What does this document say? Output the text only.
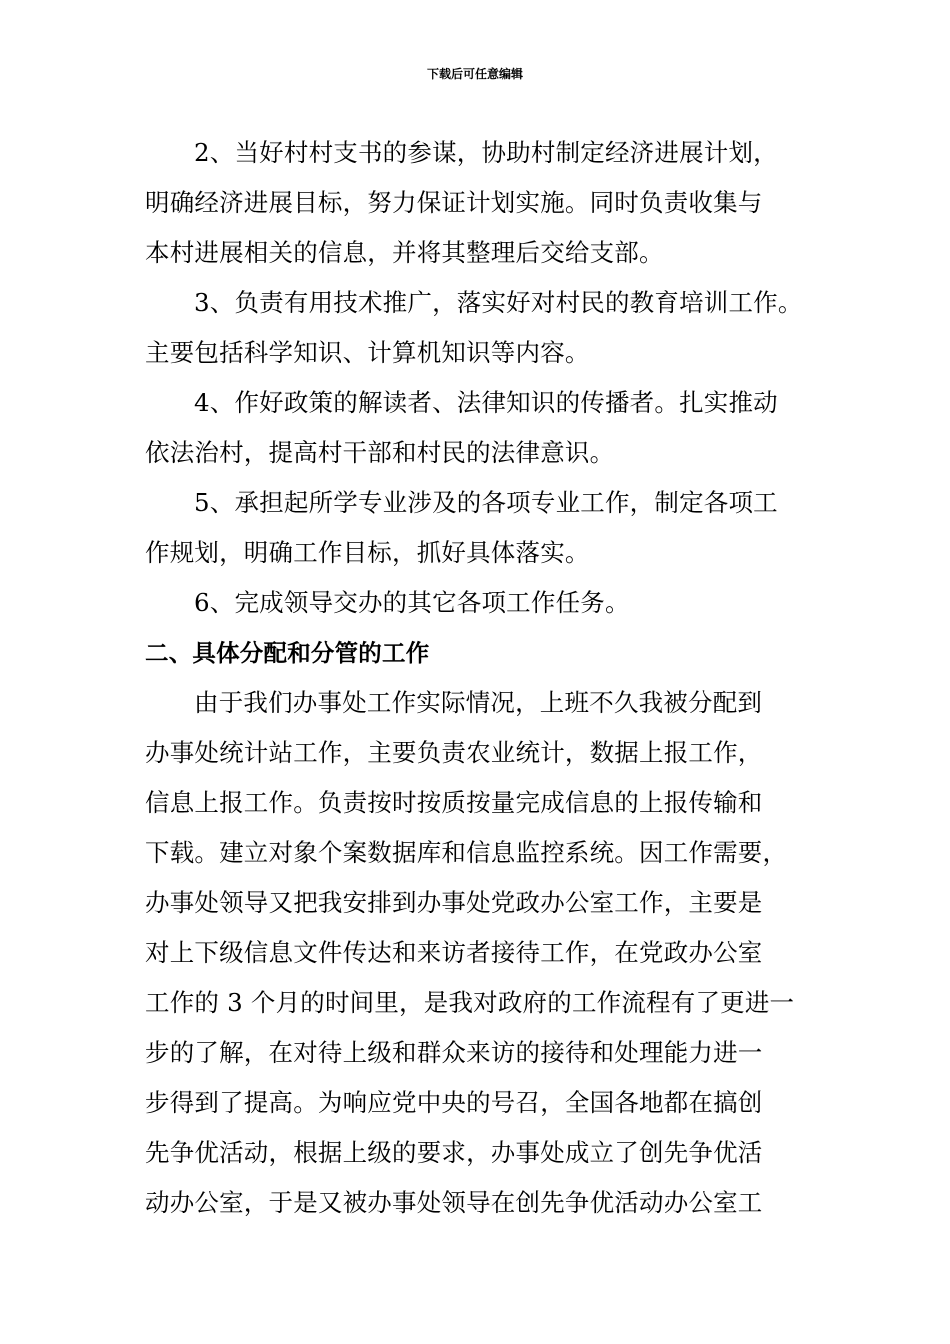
下载后可任意编辑
2、当好村村支书的参谋，协助村制定经济进展计划，
明确经济进展目标，努力保证计划实施。同时负责收集与
本村进展相关的信息，并将其整理后交给支部。
3、负责有用技术推广，落实好对村民的教育培训工作。
主要包括科学知识、计算机知识等内容。
4、作好政策的解读者、法律知识的传播者。扎实推动
依法治村，提高村干部和村民的法律意识。
5、承担起所学专业涉及的各项专业工作，制定各项工
作规划，明确工作目标，抓好具体落实。
6、完成领导交办的其它各项工作任务。
二、具体分配和分管的工作
由于我们办事处工作实际情况，上班不久我被分配到
办事处统计站工作，主要负责农业统计，数据上报工作，
信息上报工作。负责按时按质按量完成信息的上报传输和
下载。建立对象个案数据库和信息监控系统。因工作需要，
办事处领导又把我安排到办事处党政办公室工作，主要是
对上下级信息文件传达和来访者接待工作，在党政办公室
工作的 3 个月的时间里，是我对政府的工作流程有了更进一
步的了解，在对待上级和群众来访的接待和处理能力进一
步得到了提高。为响应党中央的号召，全国各地都在搞创
先争优活动，根据上级的要求，办事处成立了创先争优活
动办公室，于是又被办事处领导在创先争优活动办公室工
